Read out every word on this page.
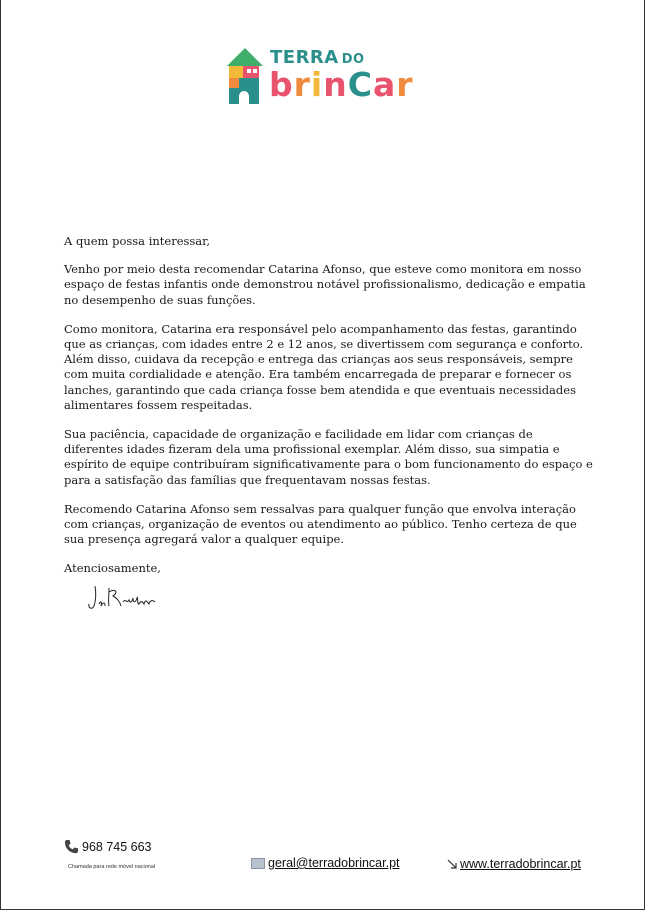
TERRA DO
brinCar

A quem possa interessar,

Venho por meio desta recomendar Catarina Afonso, que esteve como monitora em nosso espaço de festas infantis onde demonstrou notável profissionalismo, dedicação e empatia no desempenho de suas funções.

Como monitora, Catarina era responsável pelo acompanhamento das festas, garantindo que as crianças, com idades entre 2 e 12 anos, se divertissem com segurança e conforto. Além disso, cuidava da recepção e entrega das crianças aos seus responsáveis, sempre com muita cordialidade e atenção. Era também encarregada de preparar e fornecer os lanches, garantindo que cada criança fosse bem atendida e que eventuais necessidades alimentares fossem respeitadas.

Sua paciência, capacidade de organização e facilidade em lidar com crianças de diferentes idades fizeram dela uma profissional exemplar. Além disso, sua simpatia e espírito de equipe contribuíram significativamente para o bom funcionamento do espaço e para a satisfação das famílias que frequentavam nossas festas.

Recomendo Catarina Afonso sem ressalvas para qualquer função que envolva interação com crianças, organização de eventos ou atendimento ao público. Tenho certeza de que sua presença agregará valor a qualquer equipe.

Atenciosamente,

968 745 663
Chamada para rede móvel nacional	geral@terradobrincar.pt	www.terradobrincar.pt
